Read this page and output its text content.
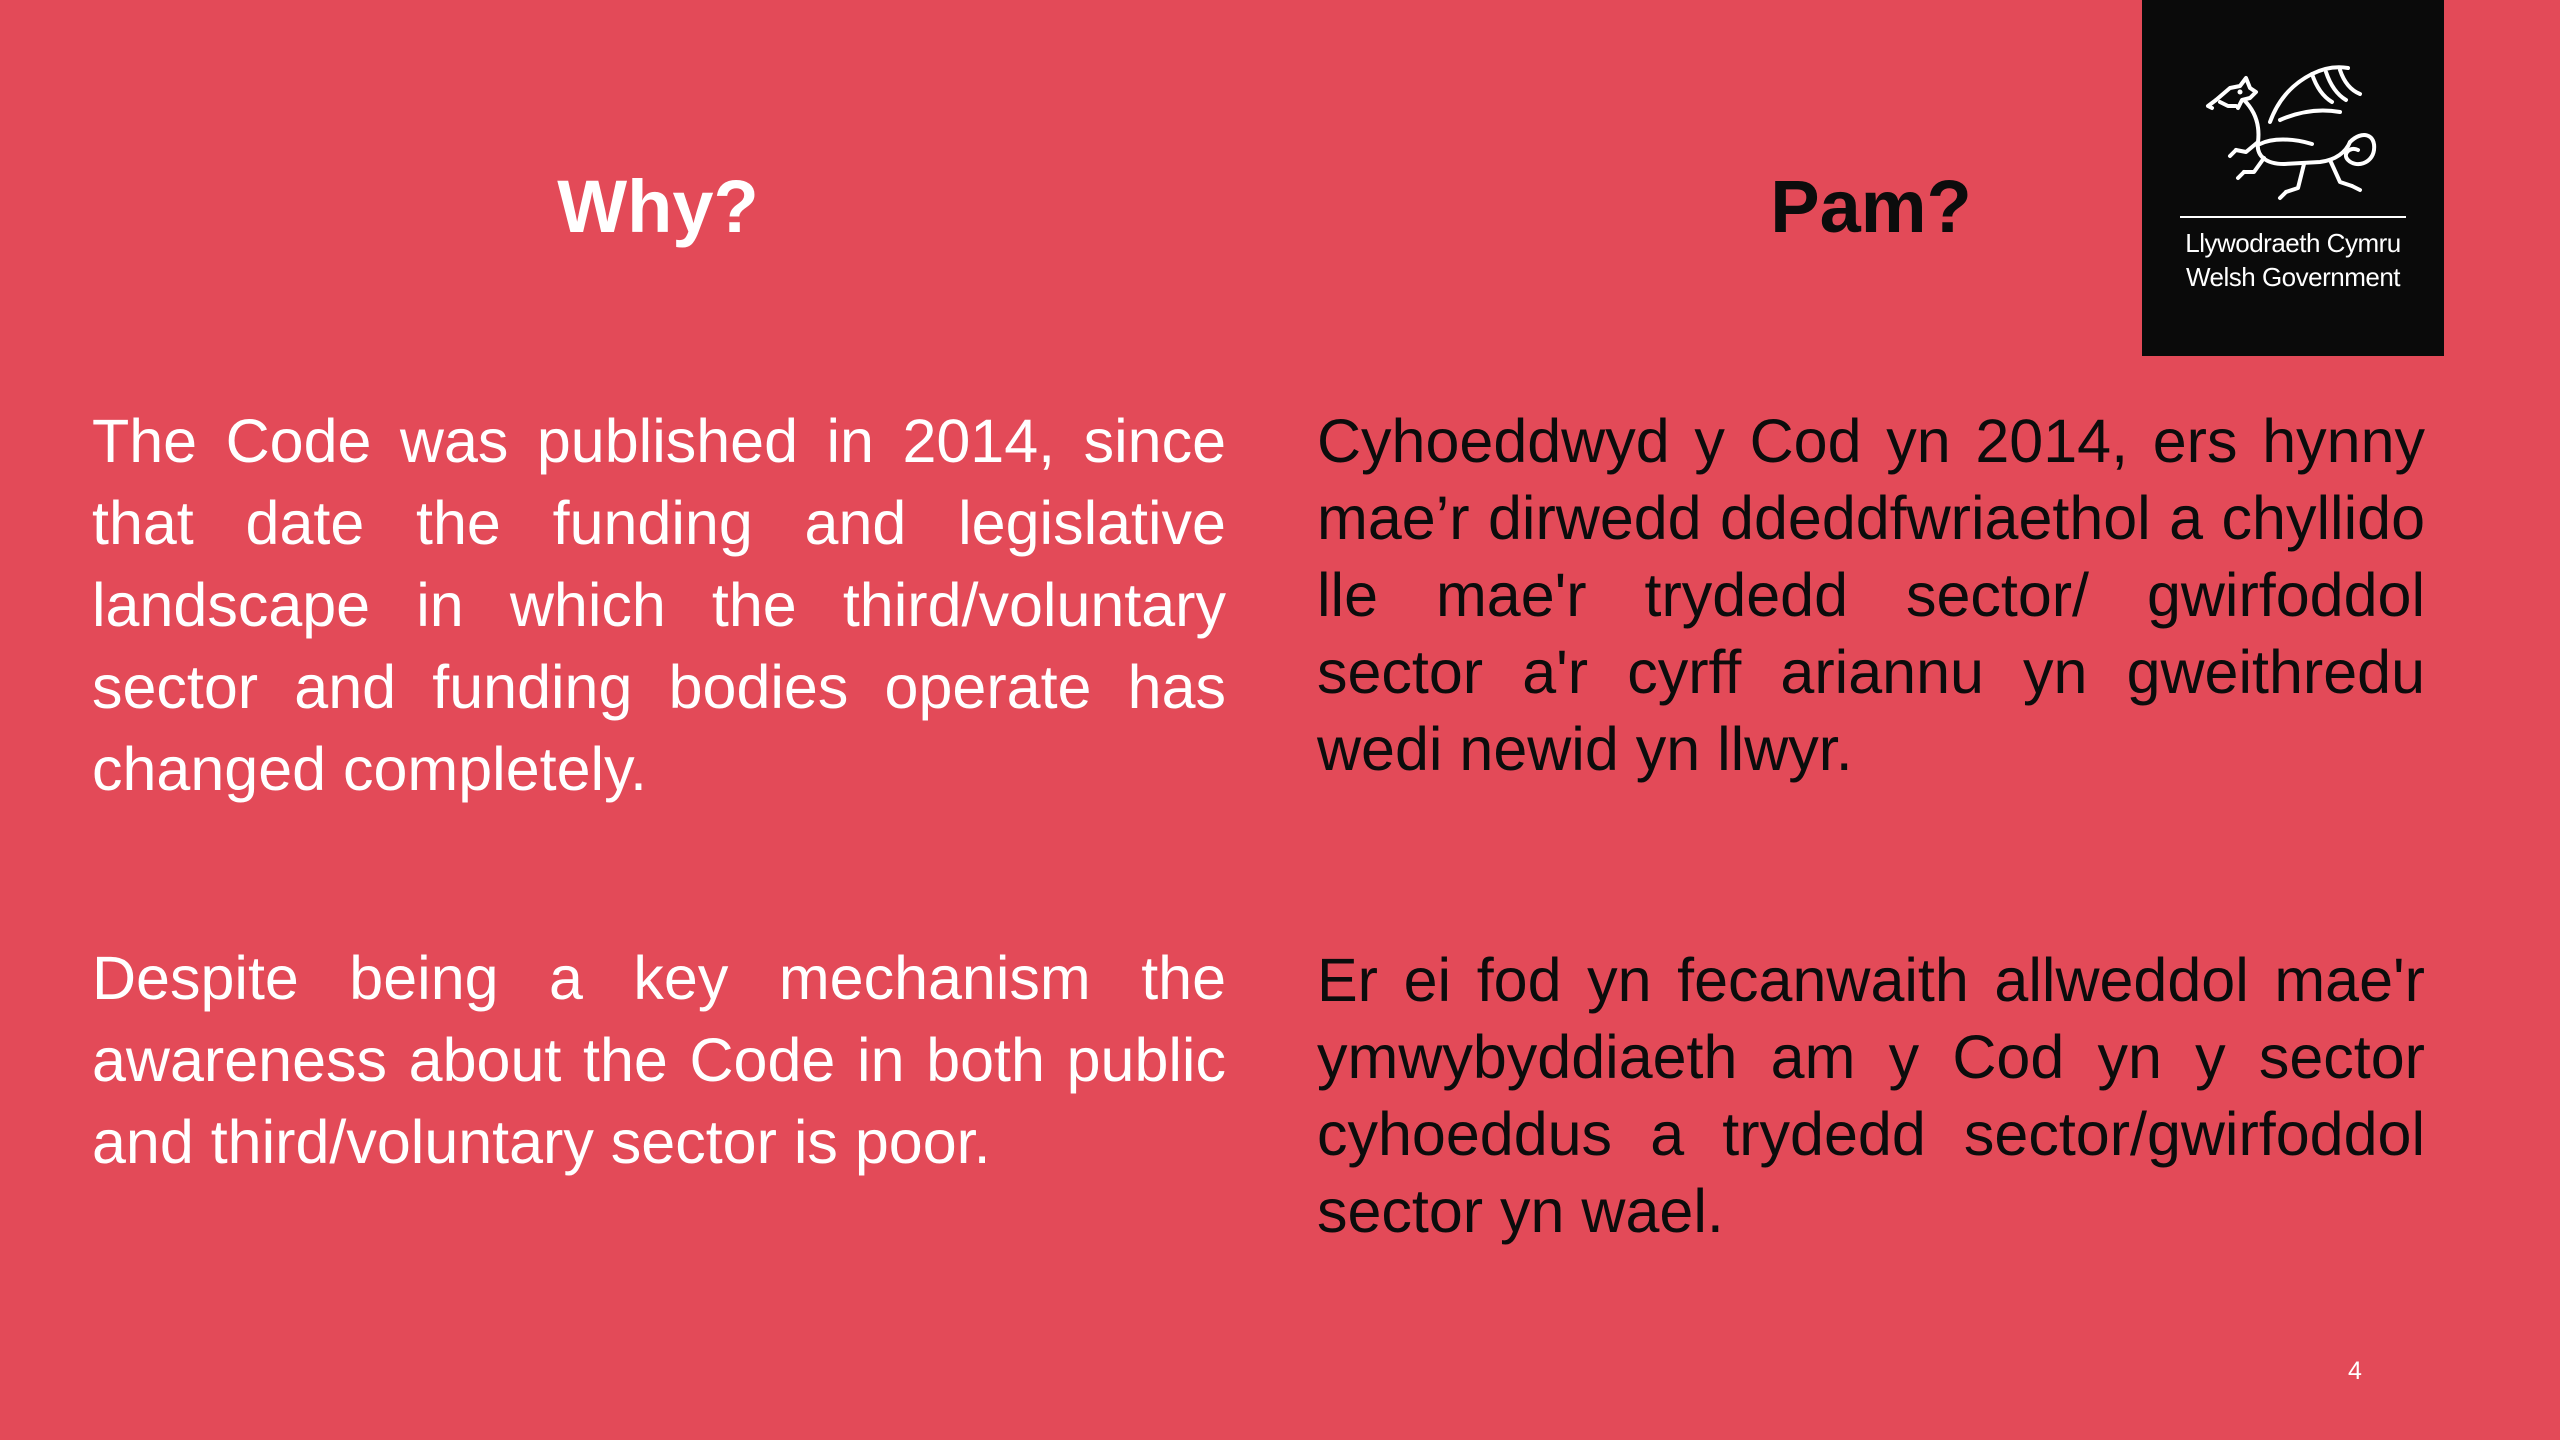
Why?	Pam?

The Code was published in 2014, since that date the funding and legislative landscape in which the third/voluntary sector and funding bodies operate has changed completely.

Despite being a key mechanism the awareness about the Code in both public and third/voluntary sector is poor.

Cyhoeddwyd y Cod yn 2014, ers hynny mae’r dirwedd ddeddfwriaethol a chyllido lle mae'r trydedd sector/ gwirfoddol sector a'r cyrff ariannu yn gweithredu wedi newid yn llwyr.

Er ei fod yn fecanwaith allweddol mae'r ymwybyddiaeth am y Cod yn y sector cyhoeddus a trydedd sector/gwirfoddol sector yn wael.

Llywodraeth Cymru
Welsh Government
4
